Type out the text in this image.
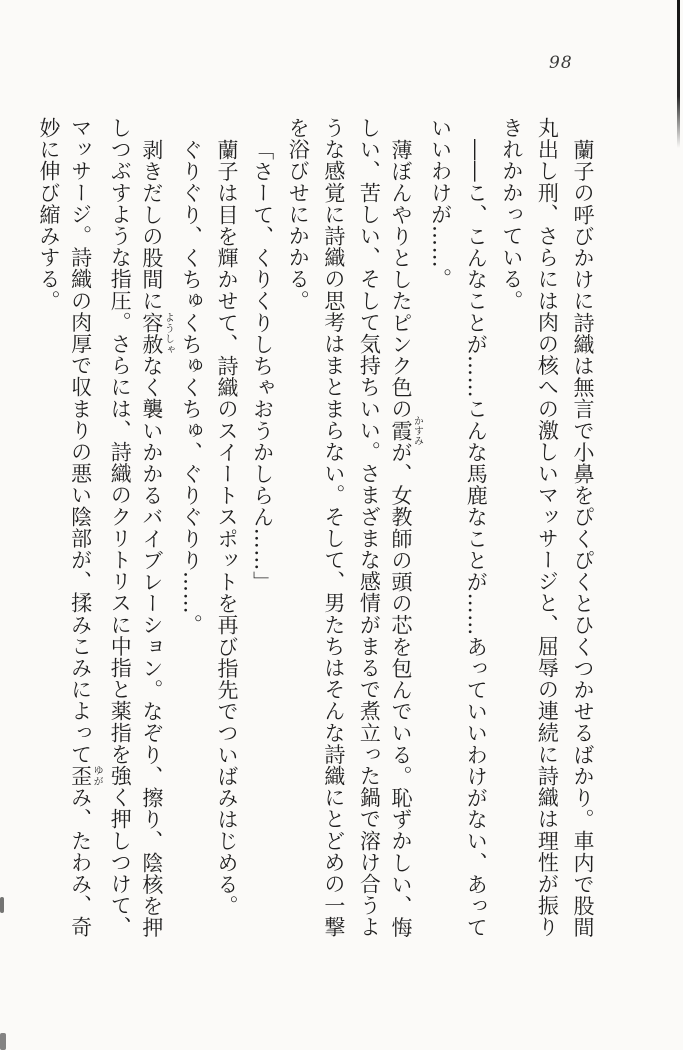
98
蘭子の呼びかけに詩織は無言で小鼻をぴくぴくとひくつかせるばかり。車内で股間
丸出し刑、さらには肉の核への激しいマッサージと、屈辱の連続に詩織は理性が振り
きれかかっている。
――こ、こんなことが……こんな馬鹿なことが……あっていいわけがない、あって
いいわけが……。
薄ぼんやりとしたピンク色の霞かすみが、女教師の頭の芯を包んでいる。恥ずかしい、悔
しい、苦しい、そして気持ちいい。さまざまな感情がまるで煮立った鍋で溶け合うよ
うな感覚に詩織の思考はまとまらない。そして、男たちはそんな詩織にとどめの一撃
を浴びせにかかる。
「さーて、くりくりしちゃおうかしらん……」
蘭子は目を輝かせて、詩織のスイートスポットを再び指先でついばみはじめる。
ぐりぐり、くちゅくちゅくちゅ、ぐりぐりり……。
剥きだしの股間に容赦ようしゃなく襲いかかるバイブレーション。なぞり、擦り、陰核を押
しつぶすような指圧。さらには、詩織のクリトリスに中指と薬指を強く押しつけて、
マッサージ。詩織の肉厚で収まりの悪い陰部が、揉みこみによって歪ゆがみ、たわみ、奇
妙に伸び縮みする。
